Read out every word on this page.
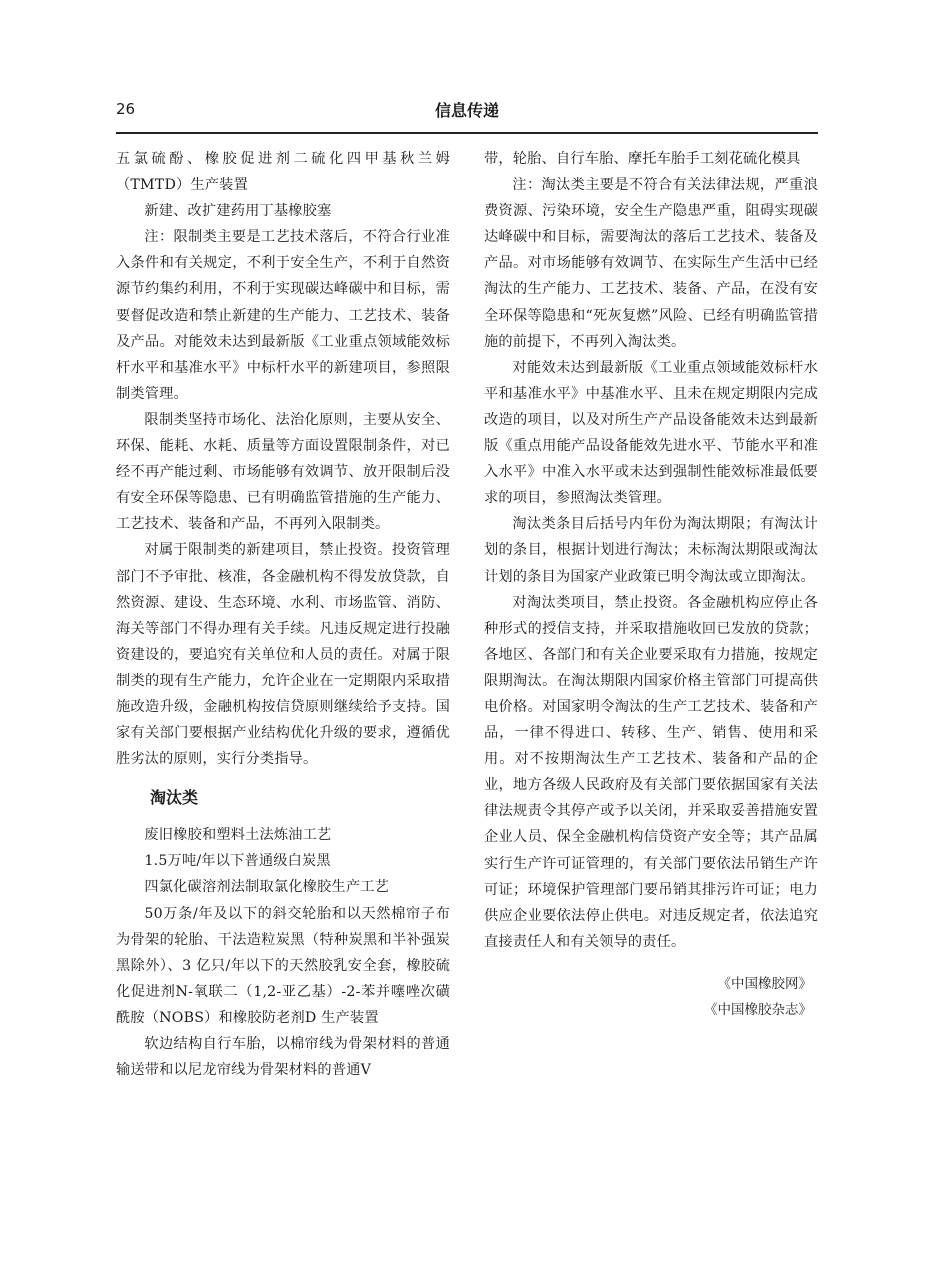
26	信息传递

五氯硫酚、橡胶促进剂二硫化四甲基秋兰姆（TMTD）生产装置

新建、改扩建药用丁基橡胶塞

注：限制类主要是工艺技术落后，不符合行业准入条件和有关规定，不利于安全生产，不利于自然资源节约集约利用，不利于实现碳达峰碳中和目标，需要督促改造和禁止新建的生产能力、工艺技术、装备及产品。对能效未达到最新版《工业重点领域能效标杆水平和基准水平》中标杆水平的新建项目，参照限制类管理。

限制类坚持市场化、法治化原则，主要从安全、环保、能耗、水耗、质量等方面设置限制条件，对已经不再产能过剩、市场能够有效调节、放开限制后没有安全环保等隐患、已有明确监管措施的生产能力、工艺技术、装备和产品，不再列入限制类。

对属于限制类的新建项目，禁止投资。投资管理部门不予审批、核准，各金融机构不得发放贷款，自然资源、建设、生态环境、水利、市场监管、消防、海关等部门不得办理有关手续。凡违反规定进行投融资建设的，要追究有关单位和人员的责任。对属于限制类的现有生产能力，允许企业在一定期限内采取措施改造升级，金融机构按信贷原则继续给予支持。国家有关部门要根据产业结构优化升级的要求，遵循优胜劣汰的原则，实行分类指导。

淘汰类

废旧橡胶和塑料土法炼油工艺

1.5万吨/年以下普通级白炭黑

四氯化碳溶剂法制取氯化橡胶生产工艺

50万条/年及以下的斜交轮胎和以天然棉帘子布为骨架的轮胎、干法造粒炭黑（特种炭黑和半补强炭黑除外）、3 亿只/年以下的天然胶乳安全套，橡胶硫化促进剂N-氧联二（1,2-亚乙基）-2-苯并噻唑次磺酰胺（NOBS）和橡胶防老剂D 生产装置

软边结构自行车胎，以棉帘线为骨架材料的普通输送带和以尼龙帘线为骨架材料的普通V

带，轮胎、自行车胎、摩托车胎手工刻花硫化模具

注：淘汰类主要是不符合有关法律法规，严重浪费资源、污染环境，安全生产隐患严重，阻碍实现碳达峰碳中和目标，需要淘汰的落后工艺技术、装备及产品。对市场能够有效调节、在实际生产生活中已经淘汰的生产能力、工艺技术、装备、产品，在没有安全环保等隐患和“死灰复燃”风险、已经有明确监管措施的前提下，不再列入淘汰类。

对能效未达到最新版《工业重点领域能效标杆水平和基准水平》中基准水平、且未在规定期限内完成改造的项目，以及对所生产产品设备能效未达到最新版《重点用能产品设备能效先进水平、节能水平和准入水平》中准入水平或未达到强制性能效标准最低要求的项目，参照淘汰类管理。

淘汰类条目后括号内年份为淘汰期限；有淘汰计划的条目，根据计划进行淘汰；未标淘汰期限或淘汰计划的条目为国家产业政策已明令淘汰或立即淘汰。

对淘汰类项目，禁止投资。各金融机构应停止各种形式的授信支持，并采取措施收回已发放的贷款；各地区、各部门和有关企业要采取有力措施，按规定限期淘汰。在淘汰期限内国家价格主管部门可提高供电价格。对国家明令淘汰的生产工艺技术、装备和产品，一律不得进口、转移、生产、销售、使用和采用。对不按期淘汰生产工艺技术、装备和产品的企业，地方各级人民政府及有关部门要依据国家有关法律法规责令其停产或予以关闭，并采取妥善措施安置企业人员、保全金融机构信贷资产安全等；其产品属实行生产许可证管理的，有关部门要依法吊销生产许可证；环境保护管理部门要吊销其排污许可证；电力供应企业要依法停止供电。对违反规定者，依法追究直接责任人和有关领导的责任。

《中国橡胶网》
《中国橡胶杂志》
